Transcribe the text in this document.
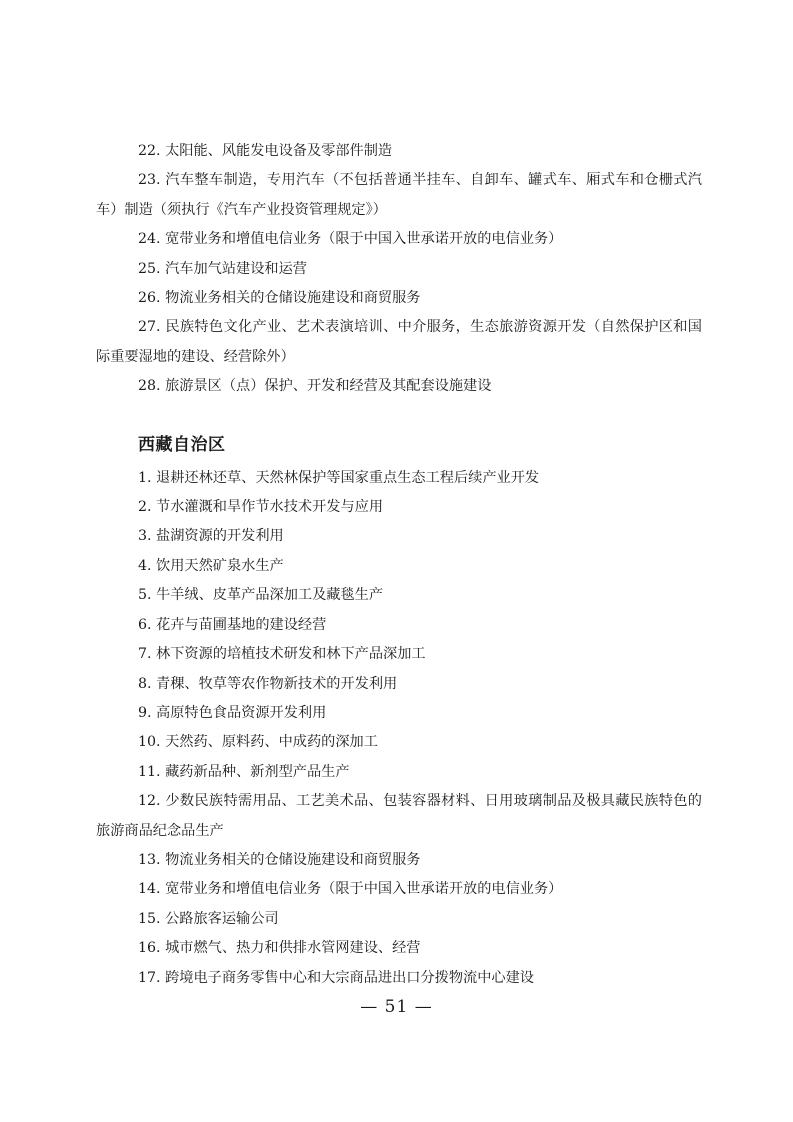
22. 太阳能、风能发电设备及零部件制造

23. 汽车整车制造，专用汽车（不包括普通半挂车、自卸车、罐式车、厢式车和仓栅式汽车）制造（须执行《汽车产业投资管理规定》）

24. 宽带业务和增值电信业务（限于中国入世承诺开放的电信业务）

25. 汽车加气站建设和运营

26. 物流业务相关的仓储设施建设和商贸服务

27. 民族特色文化产业、艺术表演培训、中介服务，生态旅游资源开发（自然保护区和国际重要湿地的建设、经营除外）

28. 旅游景区（点）保护、开发和经营及其配套设施建设

西藏自治区

1. 退耕还林还草、天然林保护等国家重点生态工程后续产业开发

2. 节水灌溉和旱作节水技术开发与应用

3. 盐湖资源的开发利用

4. 饮用天然矿泉水生产

5. 牛羊绒、皮革产品深加工及藏毯生产

6. 花卉与苗圃基地的建设经营

7. 林下资源的培植技术研发和林下产品深加工

8. 青稞、牧草等农作物新技术的开发利用

9. 高原特色食品资源开发利用

10. 天然药、原料药、中成药的深加工

11. 藏药新品种、新剂型产品生产

12. 少数民族特需用品、工艺美术品、包装容器材料、日用玻璃制品及极具藏民族特色的旅游商品纪念品生产

13. 物流业务相关的仓储设施建设和商贸服务

14. 宽带业务和增值电信业务（限于中国入世承诺开放的电信业务）

15. 公路旅客运输公司

16. 城市燃气、热力和供排水管网建设、经营

17. 跨境电子商务零售中心和大宗商品进出口分拨物流中心建设

— 51 —
